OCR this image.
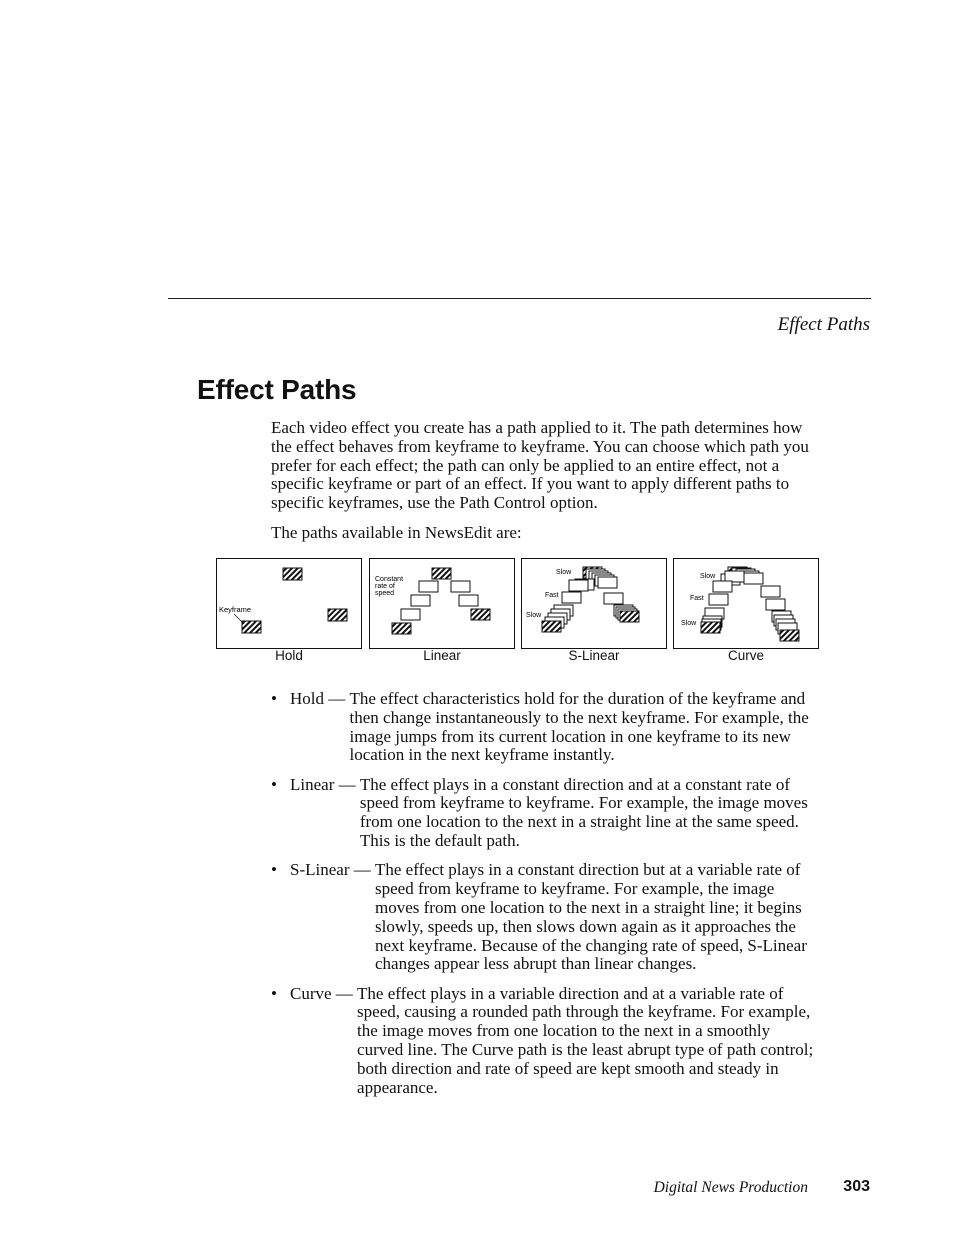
Effect Paths
Effect Paths

Each video effect you create has a path applied to it. The path determines how the effect behaves from keyframe to keyframe. You can choose which path you prefer for each effect; the path can only be applied to an entire effect, not a specific keyframe or part of an effect. If you want to apply different paths to specific keyframes, use the Path Control option.

The paths available in NewsEdit are:

Keyframe
Hold
Constant
rate of
speed
Linear
Slow
Fast
Slow
S-Linear
Slow
Fast
Slow
Curve
• Hold — The effect characteristics hold for the duration of the keyframe and then change instantaneously to the next keyframe. For example, the image jumps from its current location in one keyframe to its new location in the next keyframe instantly.
• Linear — The effect plays in a constant direction and at a constant rate of speed from keyframe to keyframe. For example, the image moves from one location to the next in a straight line at the same speed. This is the default path.
• S-Linear — The effect plays in a constant direction but at a variable rate of speed from keyframe to keyframe. For example, the image moves from one location to the next in a straight line; it begins slowly, speeds up, then slows down again as it approaches the next keyframe. Because of the changing rate of speed, S-Linear changes appear less abrupt than linear changes.
• Curve — The effect plays in a variable direction and at a variable rate of speed, causing a rounded path through the keyframe. For example, the image moves from one location to the next in a smoothly curved line. The Curve path is the least abrupt type of path control; both direction and rate of speed are kept smooth and steady in appearance.
Digital News Production 303
